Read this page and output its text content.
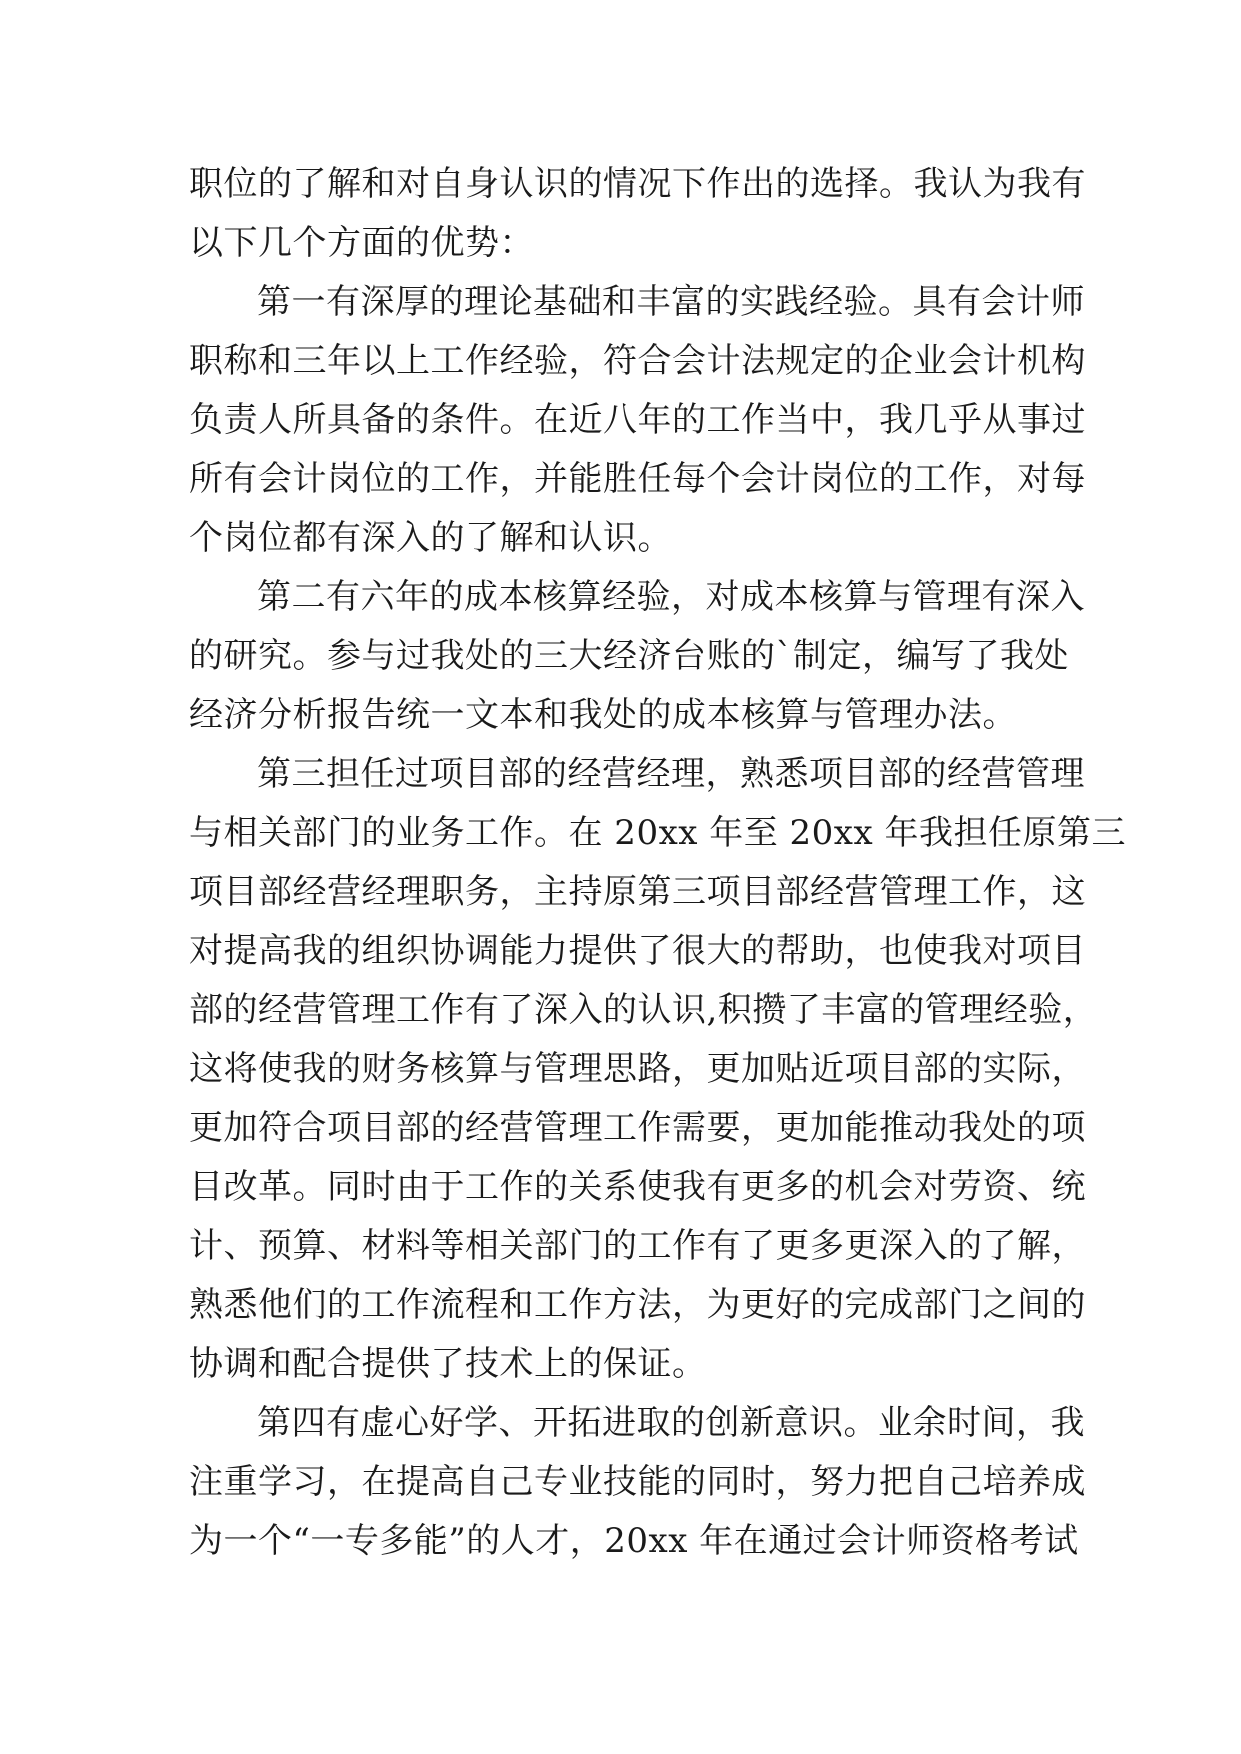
职位的了解和对自身认识的情况下作出的选择。我认为我有
以下几个方面的优势：
第一有深厚的理论基础和丰富的实践经验。具有会计师
职称和三年以上工作经验，符合会计法规定的企业会计机构
负责人所具备的条件。在近八年的工作当中，我几乎从事过
所有会计岗位的工作，并能胜任每个会计岗位的工作，对每
个岗位都有深入的了解和认识。
第二有六年的成本核算经验，对成本核算与管理有深入
的研究。参与过我处的三大经济台账的`制定，编写了我处
经济分析报告统一文本和我处的成本核算与管理办法。
第三担任过项目部的经营经理，熟悉项目部的经营管理
与相关部门的业务工作。在 20xx 年至 20xx 年我担任原第三
项目部经营经理职务，主持原第三项目部经营管理工作，这
对提高我的组织协调能力提供了很大的帮助，也使我对项目
部的经营管理工作有了深入的认识,积攒了丰富的管理经验，
这将使我的财务核算与管理思路，更加贴近项目部的实际，
更加符合项目部的经营管理工作需要，更加能推动我处的项
目改革。同时由于工作的关系使我有更多的机会对劳资、统
计、预算、材料等相关部门的工作有了更多更深入的了解，
熟悉他们的工作流程和工作方法，为更好的完成部门之间的
协调和配合提供了技术上的保证。
第四有虚心好学、开拓进取的创新意识。业余时间，我
注重学习，在提高自己专业技能的同时，努力把自己培养成
为一个“一专多能”的人才，20xx 年在通过会计师资格考试
